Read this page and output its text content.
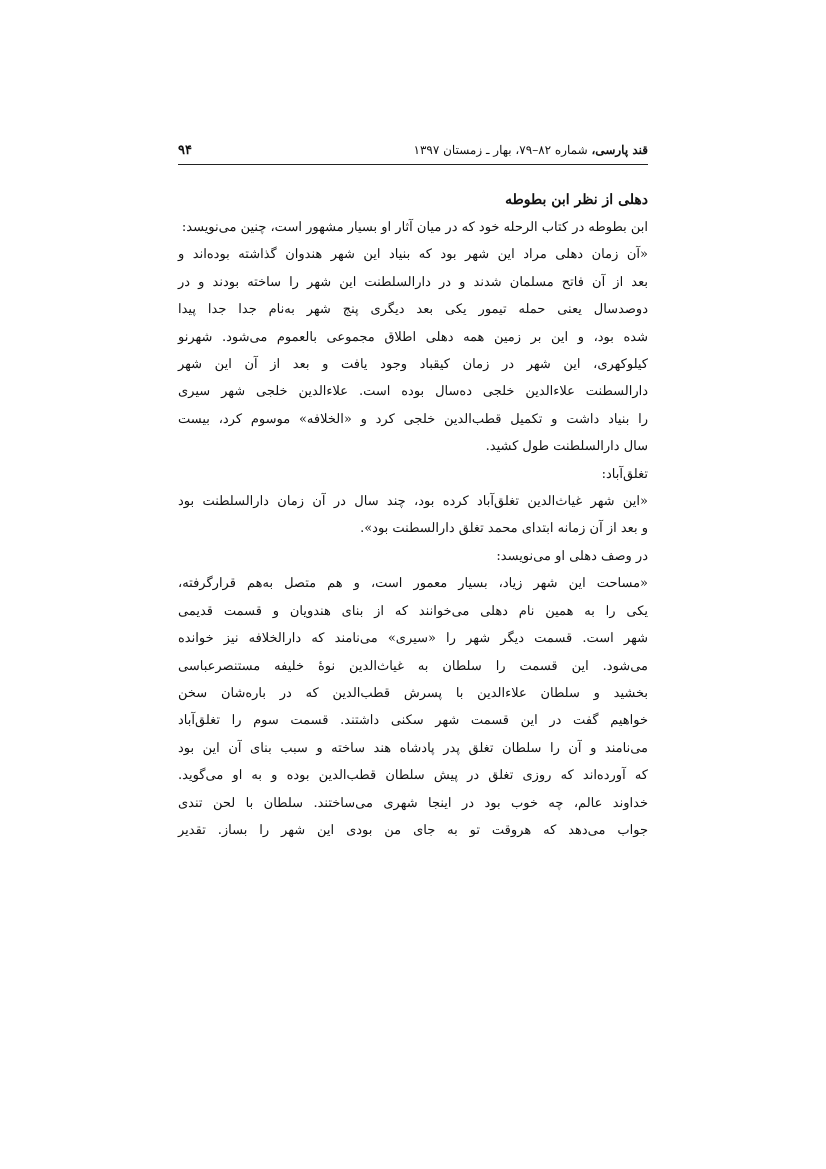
قند پارسی، شماره ۸۲–۷۹، بهار ـ زمستان ۱۳۹۷
۹۴
دهلی از نظر ابن بطوطه
ابن بطوطه در کتاب الرحله خود که در میان آثار او بسیار مشهور است، چنین می‌نویسد:
«آن زمان دهلی مراد این شهر بود که بنیاد این شهر هندوان گذاشته بوده‌اند و
بعد از آن فاتح مسلمان شدند و در دارالسلطنت این شهر را ساخته بودند و در
دوصدسال یعنی حمله تیمور یکی بعد دیگری پنج شهر به‌نام جدا جدا پیدا
شده بود، و این بر زمین همه دهلی اطلاق مجموعی بالعموم می‌شود. شهرنو
کیلوکهری، این شهر در زمان کیقباد وجود یافت و بعد از آن این شهر
دارالسطنت علاءالدین خلجی ده‌سال بوده است. علاءالدین خلجی شهر سیری
را بنیاد داشت و تکمیل قطب‌الدین خلجی کرد و «الخلافه» موسوم کرد، بیست
سال دارالسلطنت طول کشید.
تغلق‌آباد:
«این شهر غیاث‌الدین تغلق‌آباد کرده بود، چند سال در آن زمان دارالسلطنت بود
و بعد از آن زمانه ابتدای محمد تغلق دارالسطنت بود».
در وصف دهلی او می‌نویسد:
«مساحت این شهر زیاد، بسیار معمور است، و هم متصل به‌هم قرارگرفته،
یکی را به همین نام دهلی می‌خوانند که از بنای هندویان و قسمت قدیمی
شهر است. قسمت دیگر شهر را «سیری» می‌نامند که دارالخلافه نیز خوانده
می‌شود. این قسمت را سلطان به غیاث‌الدین نوهٔ خلیفه مستنصرعباسی
بخشید و سلطان علاءالدین با پسرش قطب‌الدین که در باره‌شان سخن
خواهیم گفت در این قسمت شهر سکنی داشتند. قسمت سوم را تغلق‌آباد
می‌نامند و آن را سلطان تغلق پدر پادشاه هند ساخته و سبب بنای آن این بود
که آورده‌اند که روزی تغلق در پیش سلطان قطب‌الدین بوده و به او می‌گوید.
خداوند عالم، چه خوب بود در اینجا شهری می‌ساختند. سلطان با لحن تندی
جواب می‌دهد که هروقت تو به جای من بودی این شهر را بساز. تقدیر
